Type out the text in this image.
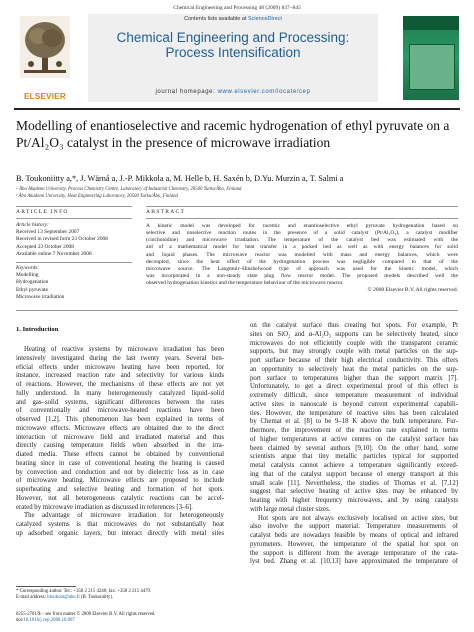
Chemical Engineering and Processing 48 (2009) 837–845
ELSEVIER
Contents lists available at ScienceDirect
Chemical Engineering and Processing:
Process Intensification
journal homepage: www.elsevier.com/locate/cep
Modelling of enantioselective and racemic hydrogenation of ethyl pyruvate on a
Pt/Al₂O₃ catalyst in the presence of microwave irradiation
B. Toukoniitty a,*, J. Wärnå a, J.-P. Mikkola a, M. Helle b, H. Saxén b, D.Yu. Murzin a, T. Salmi a
ᵃ Åbo Akademi University, Process Chemistry Centre, Laboratory of Industrial Chemistry, 20500 Turku/Åbo, Finland
ᵇ Åbo Akademi University, Heat Engineering Laboratory, 20500 Turku/Åbo, Finland
ARTICLE INFO	ABSTRACT
Article history:
Received 13 September 2007
Received in revised form 23 October 2008
Accepted 23 October 2008
Available online 7 November 2008
Keywords:
Modelling
Hydrogenation
Ethyl pyruvate
Microwave irradiation
A kinetic model was developed for racemic and enantioselective ethyl pyruvate hydrogenation based on
selective and unselective reaction routes in the presence of a solid catalyst (Pt/Al₂O₃), a catalyst modifier
(cinchonidine) and microwave irradiation. The temperature of the catalyst bed was estimated with the
aid of a mathematical model for heat transfer in a packed bed as well as with energy balances for solid
and liquid phases. The microwave reactor was modelled with mass and energy balances, which were
decoupled, since the heat effect of the hydrogenation process was negligible compared to that of the
microwave source. The Langmuir–Hinshelwood type of approach was used for the kinetic model, which
was incorporated in a non-steady state plug flow reactor model. The proposed models described well the
observed hydrogenation kinetics and the temperature behaviour of the microwave reactor.
© 2008 Elsevier B.V. All rights reserved.
1. Introduction
Heating of reactive systems by microwave irradiation has been
intensively investigated during the last twenty years. Several ben-
eficial effects under microwave heating have been reported, for
instance, increased reaction rate and selectivity for various kinds
of reactions. However, the mechanisms of these effects are not yet
fully understood. In many heterogeneously catalyzed liquid–solid
and gas–solid systems, significant differences between the rates
of conventionally and microwave-heated reactions have been
observed [1,2]. This phenomenon has been explained in terms of
microwave effects. Microwave effects are obtained due to the direct
interaction of microwave field and irradiated material and thus
directly causing temperature fields when absorbed in the irra-
diated media. These effects cannot be obtained by conventional
heating since in case of conventional heating the heating is caused
by convection and conduction and not by dielectric loss as in case
of microwave heating. Microwave effects are proposed to include
superheating and selective heating and formation of hot spots.
However, not all heterogeneous catalytic reactions can be accel-
erated by microwave irradiation as discussed in references [3–6].
The advantage of microwave irradiation for heterogeneously
catalyzed systems is that microwaves do not substantially heat
up adsorbed organic layers, but interact directly with metal sites
on the catalyst surface thus creating hot spots. For example, Pt
sites on SiO₂ and α-Al₂O₃ supports can be selectively heated, since
microwaves do not efficiently couple with the transparent ceramic
supports, but may strongly couple with metal particles on the sup-
port surface because of their high electrical conductivity. This offers
an opportunity to selectively heat the metal particles on the sup-
port surface to temperatures higher than the support matrix [7].
Unfortunately, to get a direct experimental proof of this effect is
extremely difficult, since temperature measurement of individual
active sites in nanoscale is beyond current experimental capabili-
ties. However, the temperature of reactive sites has been calculated
by Chemat et al. [8] to be 9–18 K above the bulk temperature. Fur-
thermore, the improvement of the reaction rate explained in terms
of higher temperatures at active centres on the catalyst surface has
been claimed by several authors [9,10]. On the other hand, some
scientists argue that tiny metallic particles typical for supported
metal catalysts cannot achieve a temperature significantly exceed-
ing that of the catalyst support because of energy transport at this
small scale [11]. Nevertheless, the studies of Thomas et al. [7,12]
suggest that selective heating of active sites may be enhanced by
heating with higher frequency microwaves, and by using catalysts
with large metal cluster sizes.
Hot spots are not always exclusively localised on active sites, but
also involve the support material. Temperature measurements of
catalyst beds are nowadays feasible by means of optical and infrared
pyrometers. However, the temperature of the spatial hot spot on
the support is different from the average temperature of the cata-
lyst bed. Zhang et al. [10,13] have approximated the temperature of
* Corresponding author. Tel.: +358 2 215 4248; fax: +358 2 215 4479.
E-mail address: btoukoni@abo.fi (B. Toukoniitty).
0255-2701/$ – see front matter © 2008 Elsevier B.V. All rights reserved.
doi:10.1016/j.cep.2008.10.007
